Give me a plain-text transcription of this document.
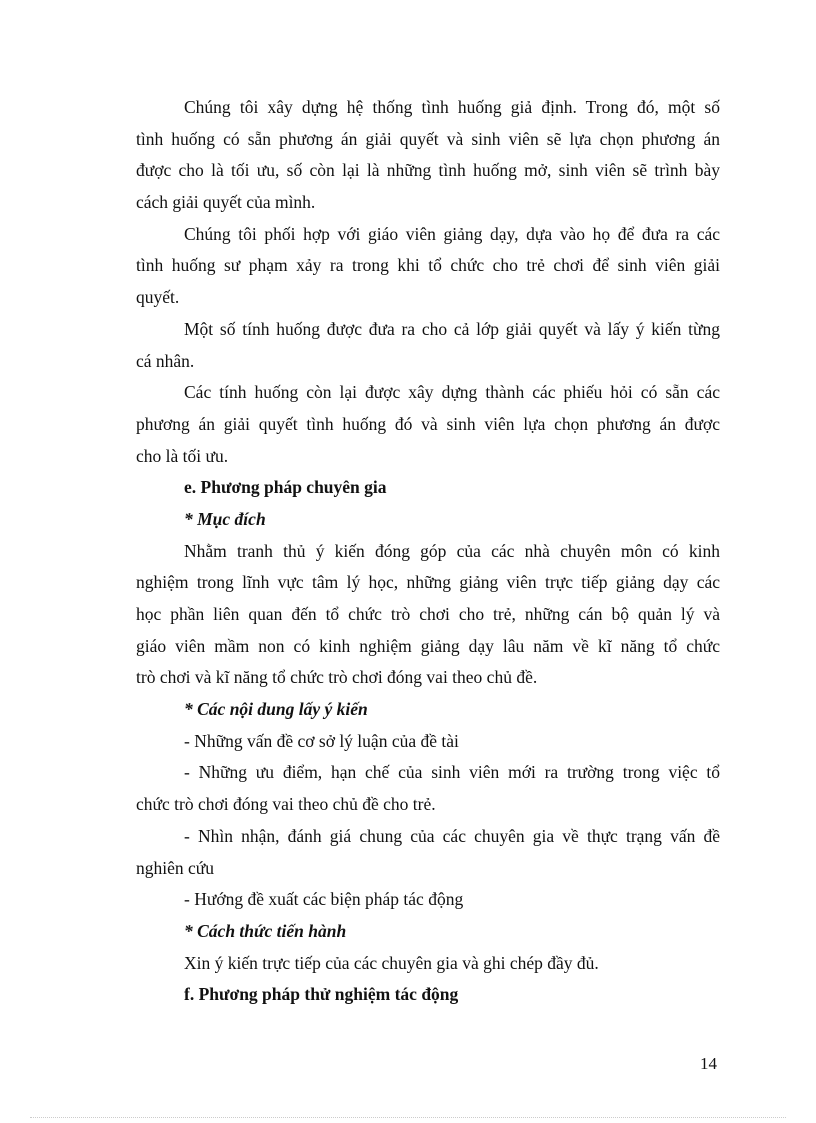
Chúng tôi xây dựng hệ thống tình huống giả định. Trong đó, một số
tình huống có sẵn phương án giải quyết và sinh viên sẽ lựa chọn phương án
được cho là tối ưu, số còn lại là những tình huống mở, sinh viên sẽ trình bày
cách giải quyết của mình.
Chúng tôi phối hợp với giáo viên giảng dạy, dựa vào họ để đưa ra các
tình huống sư phạm xảy ra trong khi tổ chức cho trẻ chơi để sinh viên giải
quyết.
Một số tính huống được đưa ra cho cả lớp giải quyết và lấy ý kiến từng
cá nhân.
Các tính huống còn lại được xây dựng thành các phiếu hỏi có sẵn các
phương án giải quyết tình huống đó và sinh viên lựa chọn phương án được
cho là tối ưu.
e. Phương pháp chuyên gia
* Mục đích
Nhằm tranh thủ ý kiến đóng góp của các nhà chuyên môn có kinh
nghiệm trong lĩnh vực tâm lý học, những giảng viên trực tiếp giảng dạy các
học phần liên quan đến tổ chức trò chơi cho trẻ, những cán bộ quản lý và
giáo viên mầm non có kinh nghiệm giảng dạy lâu năm về kĩ năng tổ chức
trò chơi và kĩ năng tổ chức trò chơi đóng vai theo chủ đề.
* Các nội dung lấy ý kiến
- Những vấn đề cơ sở lý luận của đề tài
- Những ưu điểm, hạn chế của sinh viên mới ra trường trong việc tổ
chức trò chơi đóng vai theo chủ đề cho trẻ.
- Nhìn nhận, đánh giá chung của các chuyên gia về thực trạng vấn đề
nghiên cứu
- Hướng đề xuất các biện pháp tác động
* Cách thức tiến hành
Xin ý kiến trực tiếp của các chuyên gia và ghi chép đầy đủ.
f. Phương pháp thử nghiệm tác động
14
